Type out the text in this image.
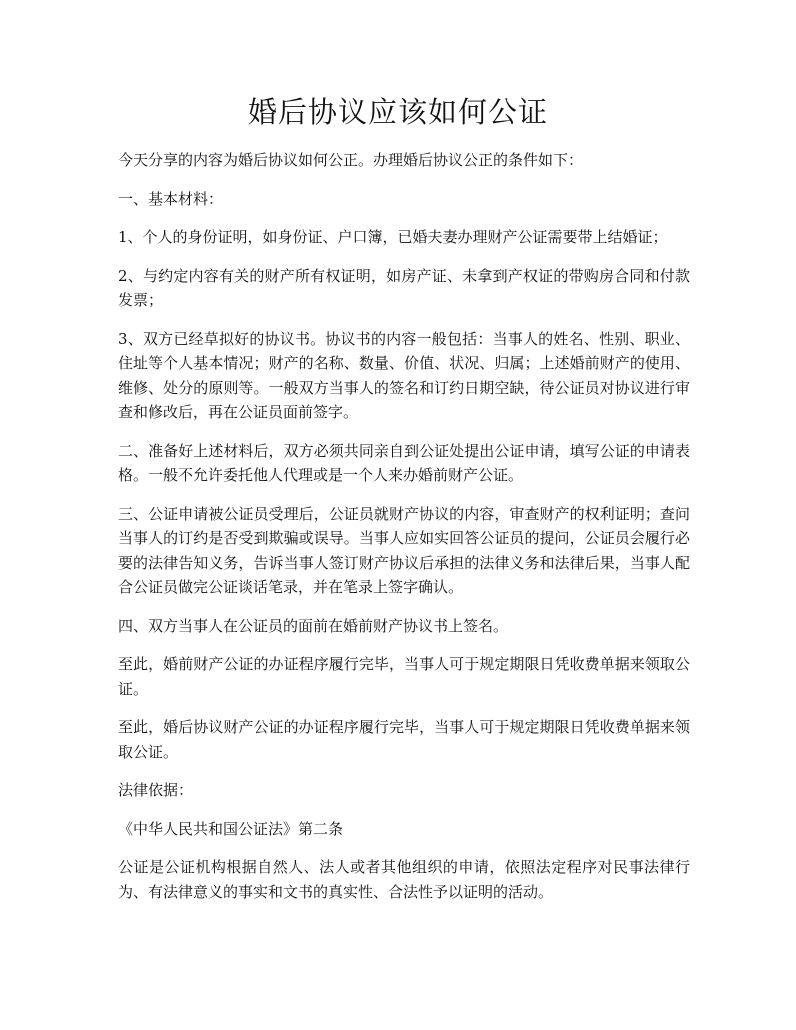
婚后协议应该如何公证

今天分享的内容为婚后协议如何公正。办理婚后协议公正的条件如下：

一、基本材料：

1、个人的身份证明，如身份证、户口簿，已婚夫妻办理财产公证需要带上结婚证；

2、与约定内容有关的财产所有权证明，如房产证、未拿到产权证的带购房合同和付款发票；

3、双方已经草拟好的协议书。协议书的内容一般包括：当事人的姓名、性别、职业、住址等个人基本情况；财产的名称、数量、价值、状况、归属；上述婚前财产的使用、维修、处分的原则等。一般双方当事人的签名和订约日期空缺，待公证员对协议进行审查和修改后，再在公证员面前签字。

二、准备好上述材料后，双方必须共同亲自到公证处提出公证申请，填写公证的申请表格。一般不允许委托他人代理或是一个人来办婚前财产公证。

三、公证申请被公证员受理后，公证员就财产协议的内容，审查财产的权利证明；查问当事人的订约是否受到欺骗或误导。当事人应如实回答公证员的提问，公证员会履行必要的法律告知义务，告诉当事人签订财产协议后承担的法律义务和法律后果，当事人配合公证员做完公证谈话笔录，并在笔录上签字确认。

四、双方当事人在公证员的面前在婚前财产协议书上签名。

至此，婚前财产公证的办证程序履行完毕，当事人可于规定期限日凭收费单据来领取公证。

至此，婚后协议财产公证的办证程序履行完毕，当事人可于规定期限日凭收费单据来领取公证。

法律依据：

《中华人民共和国公证法》第二条

公证是公证机构根据自然人、法人或者其他组织的申请，依照法定程序对民事法律行为、有法律意义的事实和文书的真实性、合法性予以证明的活动。
